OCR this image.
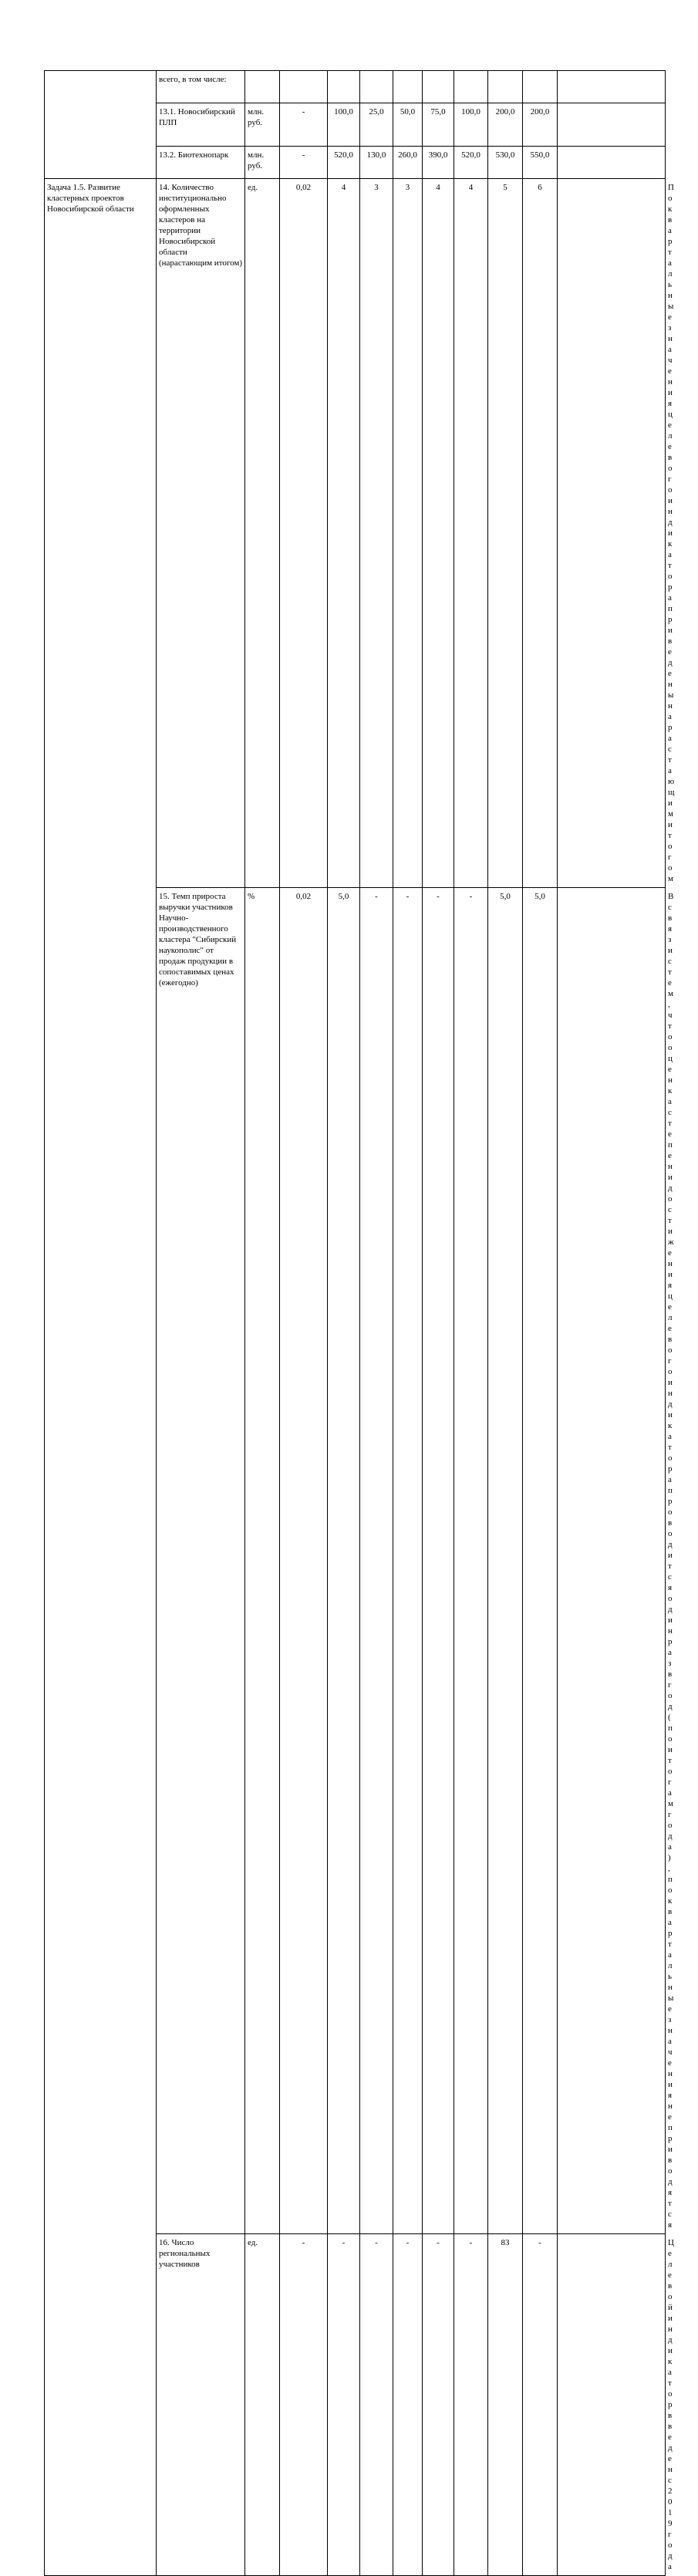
	всего, в том числе:											
	13.1. Новосибирский ПЛП	млн. руб.	-	100,0	25,0	50,0	75,0	100,0	200,0	200,0		
	13.2. Биотехнопарк	млн. руб.	-	520,0	130,0	260,0	390,0	520,0	530,0	550,0		
Задача 1.5. Развитие кластерных проектов Новосибирской области	14. Количество институционально оформленных кластеров на территории Новосибирской области (нарастающим итогом)	ед.	0,02	4	3	3	4	4	5	6		Поквартальные значения целевого индикатора приведены нарастающим итогом
	15. Темп прироста выручки участников Научно-производственного кластера "Сибирский наукополис" от продаж продукции в сопоставимых ценах (ежегодно)	%	0,02	5,0	-	-	-	-	5,0	5,0		В связи с тем, что оценка степени достижения целевого индикатора проводится один раз в год (по итогам года), поквартальные значения не приводятся
	16. Число региональных участников	ед.	-	-	-	-	-	-	83	-		Целевой индикатор введен с 2019 года
